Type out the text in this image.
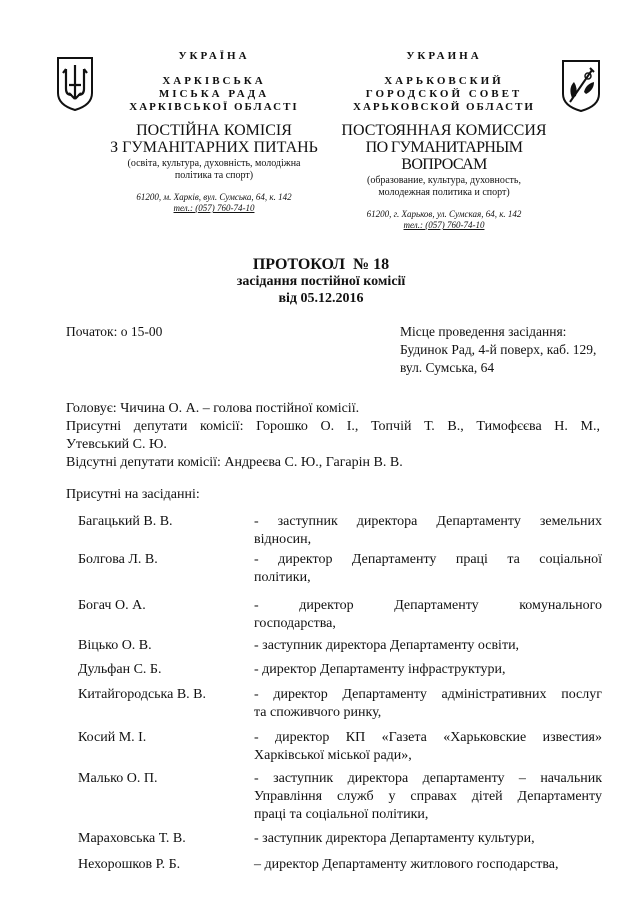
УКРАЇНА
ХАРКІВСЬКА
МІСЬКА РАДА
ХАРКІВСЬКОЇ ОБЛАСТІ
ПОСТІЙНА КОМІСІЯ
З ГУМАНІТАРНИХ ПИТАНЬ
(освіта, культура, духовність, молодіжна
політика та спорт)
61200, м. Харків, вул. Сумська, 64, к. 142
тел.: (057) 760-74-10
УКРАИНА
ХАРЬКОВСКИЙ
ГОРОДСКОЙ СОВЕТ
ХАРЬКОВСКОЙ ОБЛАСТИ
ПОСТОЯННАЯ КОМИССИЯ
ПО ГУМАНИТАРНЫМ ВОПРОСАМ
(образование, культура, духовность,
молодежная политика и спорт)
61200, г. Харьков, ул. Сумская, 64, к. 142
тел.: (057) 760-74-10
ПРОТОКОЛ  № 18
засідання постійної комісії
від 05.12.2016
Початок: о 15-00	Місце проведення засідання:
Будинок Рад, 4-й поверх, каб. 129,
вул. Сумська, 64
Головує: Чичина О. А. – голова постійної комісії.
Присутні депутати комісії: Горошко О. І., Топчій Т. В., Тимофєєва Н. М.,
Утевський С. Ю.
Відсутні депутати комісії: Андреєва С. Ю., Гагарін В. В.
Присутні на засіданні:
Багацький В. В.	- заступник директора Департаменту земельних
відносин,
Болгова Л. В.	- директор Департаменту праці та соціальної
політики,
Богач О. А.	- директор Департаменту комунального
господарства,
Віцько О. В.	- заступник директора Департаменту освіти,
Дульфан С. Б.	- директор Департаменту інфраструктури,
Китайгородська В. В.	- директор Департаменту адміністративних послуг
та споживчого ринку,
Косий М. І.	- директор КП «Газета «Харьковские известия»
Харківської міської ради»,
Малько О. П.	- заступник директора департаменту – начальник
Управління служб у справах дітей Департаменту
праці та соціальної політики,
Мараховська Т. В.	- заступник директора Департаменту культури,
Нехорошков Р. Б.	– директор Департаменту житлового господарства,
